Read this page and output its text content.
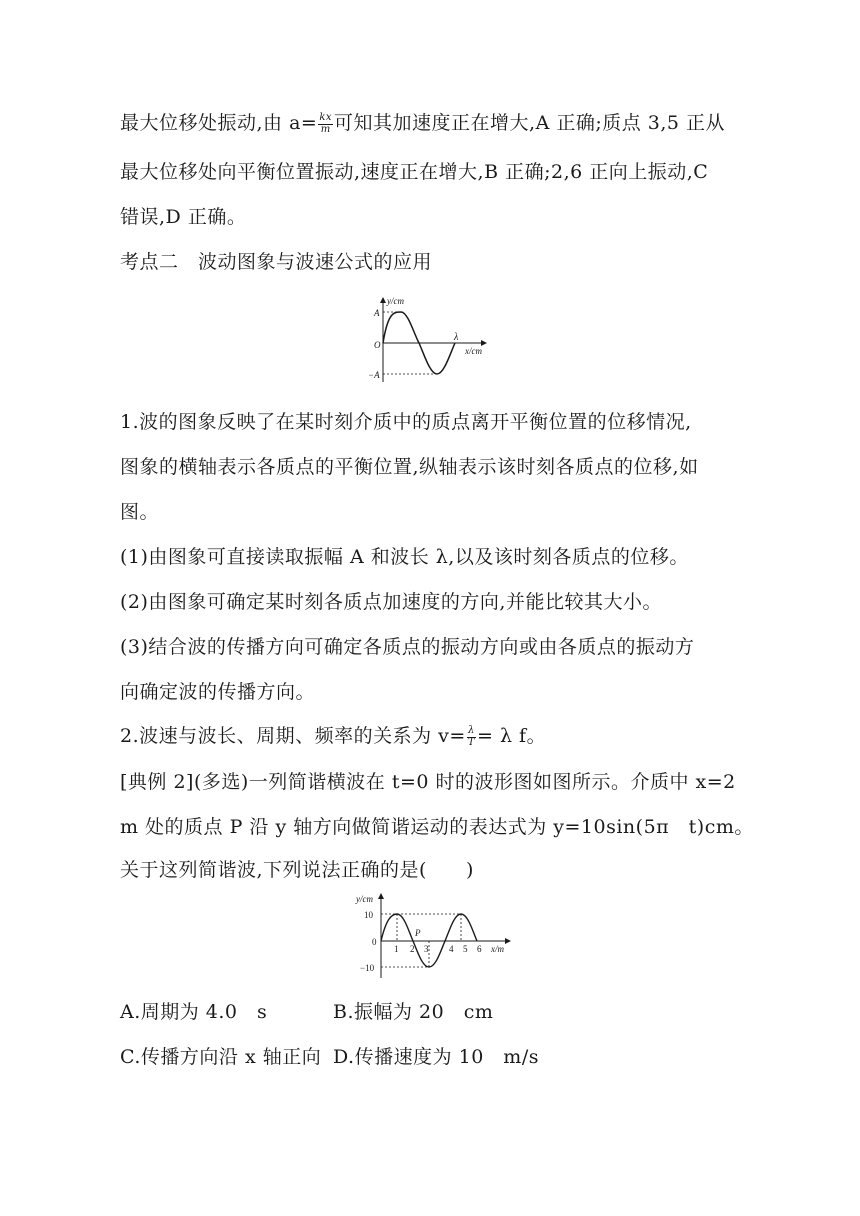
最大位移处振动,由 $a= \frac{kx}{m}$ 可知其加速度正在增大,A 正确;质点 3,5 正从
最大位移处向平衡位置振动,速度正在增大,B 正确;2,6 正向上振动,C
错误,D 正确。
考点二　波动图象与波速公式的应用
y/cm
x/cm
A
O
−A
λ
1.波的图象反映了在某时刻介质中的质点离开平衡位置的位移情况,
图象的横轴表示各质点的平衡位置,纵轴表示该时刻各质点的位移,如
图。
(1)由图象可直接读取振幅 A 和波长 λ,以及该时刻各质点的位移。
(2)由图象可确定某时刻各质点加速度的方向,并能比较其大小。
(3)结合波的传播方向可确定各质点的振动方向或由各质点的振动方
向确定波的传播方向。
2.波速与波长、周期、频率的关系为 $v= \frac{\lambda}{T} = \lambda$ f。
[典例 2](多选)一列简谐横波在 t=0 时的波形图如图所示。介质中 x=2
m 处的质点 P 沿 y 轴方向做简谐运动的表达式为 y=10sin(5π　t)cm。
关于这列简谐波,下列说法正确的是(　　)
y/cm
x/m
10
−10
0
P
1 2 3 4 5 6
A.周期为 4.0　s	B.振幅为 20　cm
C.传播方向沿 x 轴正向 D.传播速度为 10　m/s
